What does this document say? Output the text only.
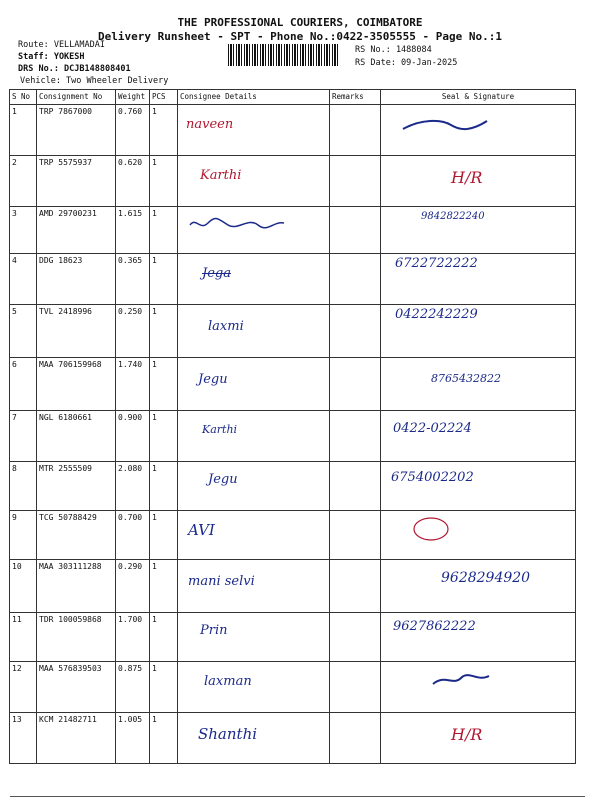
THE PROFESSIONAL COURIERS, COIMBATORE
Delivery Runsheet - SPT - Phone No.:0422-3505555 - Page No.:1
Route: VELLAMADAI
Staff: YOKESH
DRS No.: DCJB148808401
Vehicle: Two Wheeler Delivery
RS No.: 1488084
RS Date: 09-Jan-2025
S No	Consignment No	Weight	PCS	Consignee Details	Remarks	Seal & Signature
1	TRP 7867000	0.760	1	naveen		
2	TRP 5575937	0.620	1	Karthi		H/R
3	AMD 29700231	1.615	1			9842822240
4	DDG 18623	0.365	1	Jega		6722722222
5	TVL 2418996	0.250	1	laxmi		0422242229
6	MAA 706159968	1.740	1	Jegu		8765432822
7	NGL 6180661	0.900	1	Karthi		0422-02224
8	MTR 2555509	2.080	1	Jegu		6754002202
9	TCG 50788429	0.700	1	AVI		
10	MAA 303111288	0.290	1	mani selvi		9628294920
11	TDR 100059868	1.700	1	Prin		9627862222
12	MAA 576839503	0.875	1	laxman		
13	KCM 21482711	1.005	1	Shanthi		H/R
